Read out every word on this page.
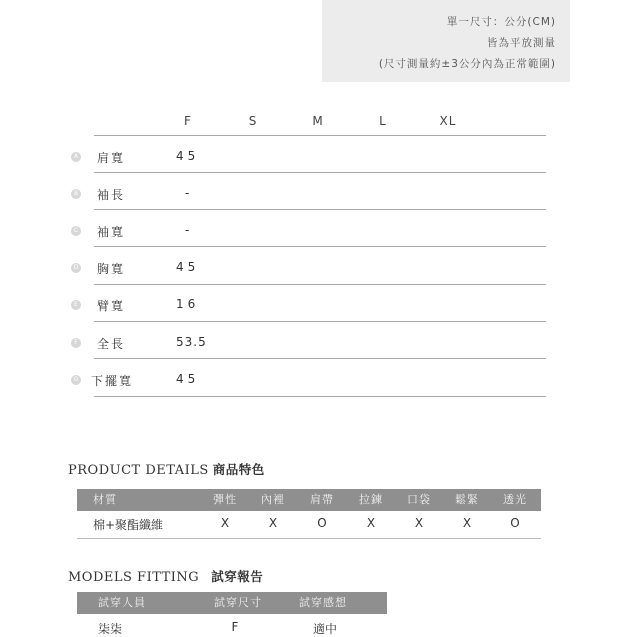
單一尺寸：公分(CM)
皆為平放測量
(尺寸測量約±3公分內為正常範圍)
F	S	M	L	XL
A 肩寬	45
B 袖長	-
C 袖寬	-
D 胸寬	45
E 臂寬	16
F 全長	53.5
G 下擺寬	45
PRODUCT DETAILS 商品特色
材質	彈性 內裡 肩帶 拉鍊 口袋 鬆緊 透光
棉+聚酯纖維	X	X	O	X	X	X	O
MODELS FITTING 試穿報告
試穿人員	試穿尺寸	試穿感想
柒柒	F	適中
